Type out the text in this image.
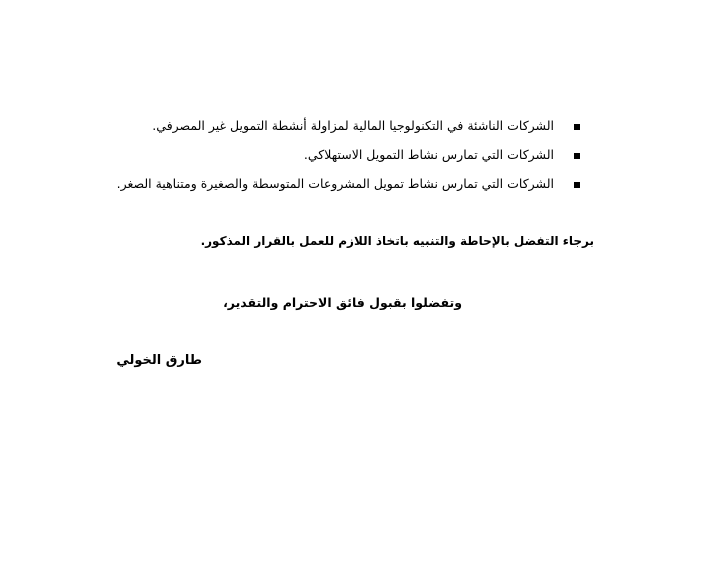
الشركات الناشئة في التكنولوجيا المالية لمزاولة أنشطة التمويل غير المصرفي.
الشركات التي تمارس نشاط التمويل الاستهلاكي.
الشركات التي تمارس نشاط تمويل المشروعات المتوسطة والصغيرة ومتناهية الصغر.
برجاء التفضل بالإحاطة والتنبيه باتخاذ اللازم للعمل بالقرار المذكور.
وتفضلوا بقبول فائق الاحترام والتقدير،
طارق الخولي
